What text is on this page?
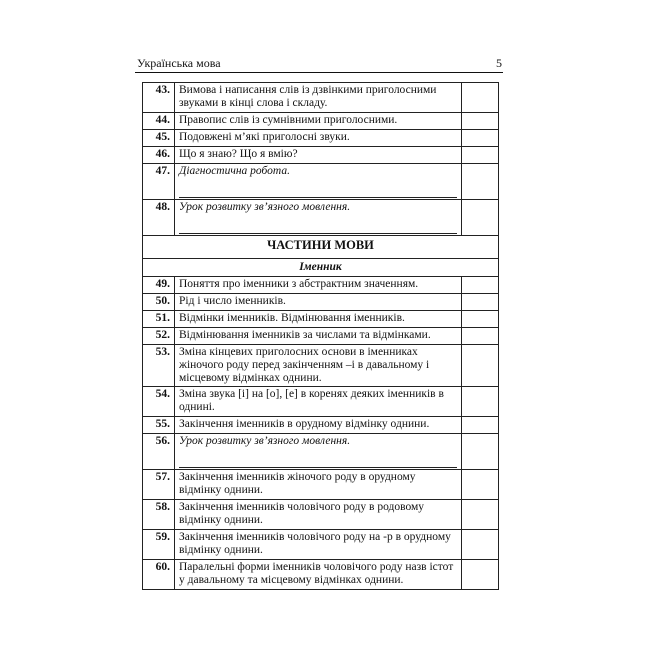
Українська мова	5
43.	Вимова і написання слів із дзвінкими приголосними звуками в кінці слова і складу.	

44.	Правопис слів із сумнівними приголосними.	

45.	Подовжені м’які приголосні звуки.	

46.	Що я знаю? Що я вмію?	

47.	Діагностична робота.	

48.	Урок розвитку зв’язного мовлення.	

ЧАСТИНИ МОВИ		
Іменник		
49.	Поняття про іменники з абстрактним значенням.	

50.	Рід і число іменників.	

51.	Відмінки іменників. Відмінювання іменників.	

52.	Відмінювання іменників за числами та відмінками.	

53.	Зміна кінцевих приголосних основи в іменниках жіночого роду перед закінченням –і в давальному і місцевому відмінках однини.	

54.	Зміна звука [і] на [о], [е] в коренях деяких іменників в однині.	

55.	Закінчення іменників в орудному відмінку однини.	

56.	Урок розвитку зв’язного мовлення.	

57.	Закінчення іменників жіночого роду в орудному відмінку однини.	

58.	Закінчення іменників чоловічого роду в родовому відмінку однини.	

59.	Закінчення іменників чоловічого роду на -р в орудному відмінку однини.	

60.	Паралельні форми іменників чоловічого роду назв істот у давальному та місцевому відмінках однини.	
